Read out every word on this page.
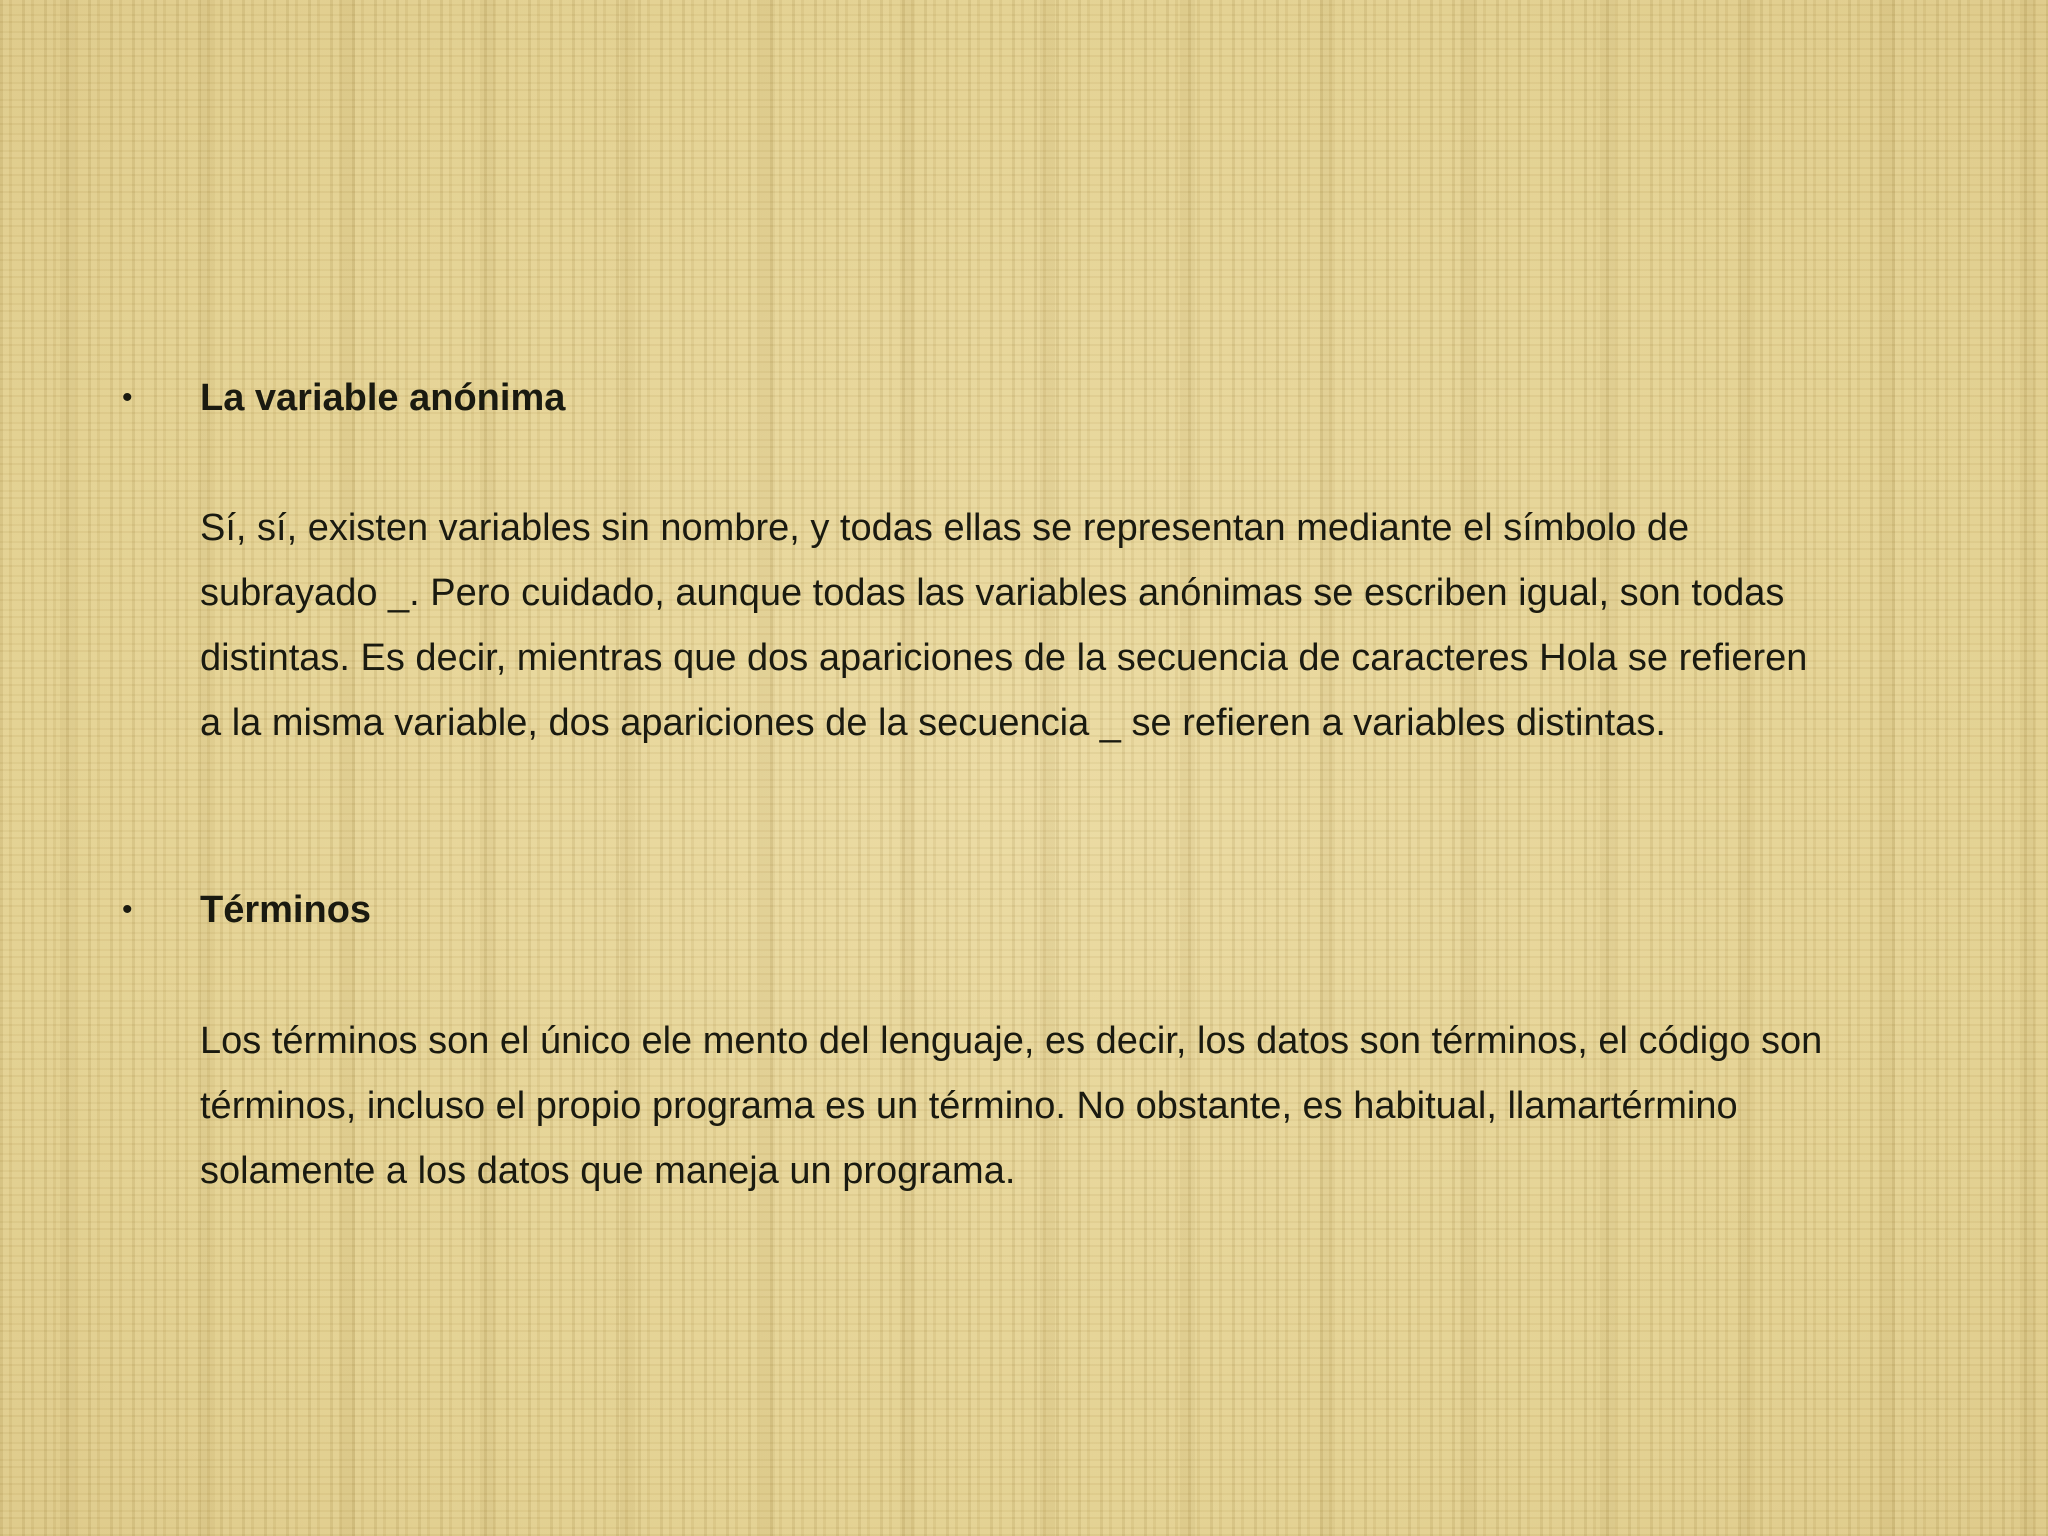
• La variable anónima
Sí, sí, existen variables sin nombre, y todas ellas se representan mediante el símbolo de
subrayado _. Pero cuidado, aunque todas las variables anónimas se escriben igual, son todas
distintas. Es decir, mientras que dos apariciones de la secuencia de caracteres Hola se refieren
a la misma variable, dos apariciones de la secuencia _ se refieren a variables distintas.
• Términos
Los términos son el único ele mento del lenguaje, es decir, los datos son términos, el código son
términos, incluso el propio programa es un término. No obstante, es habitual, llamartérmino
solamente a los datos que maneja un programa.
